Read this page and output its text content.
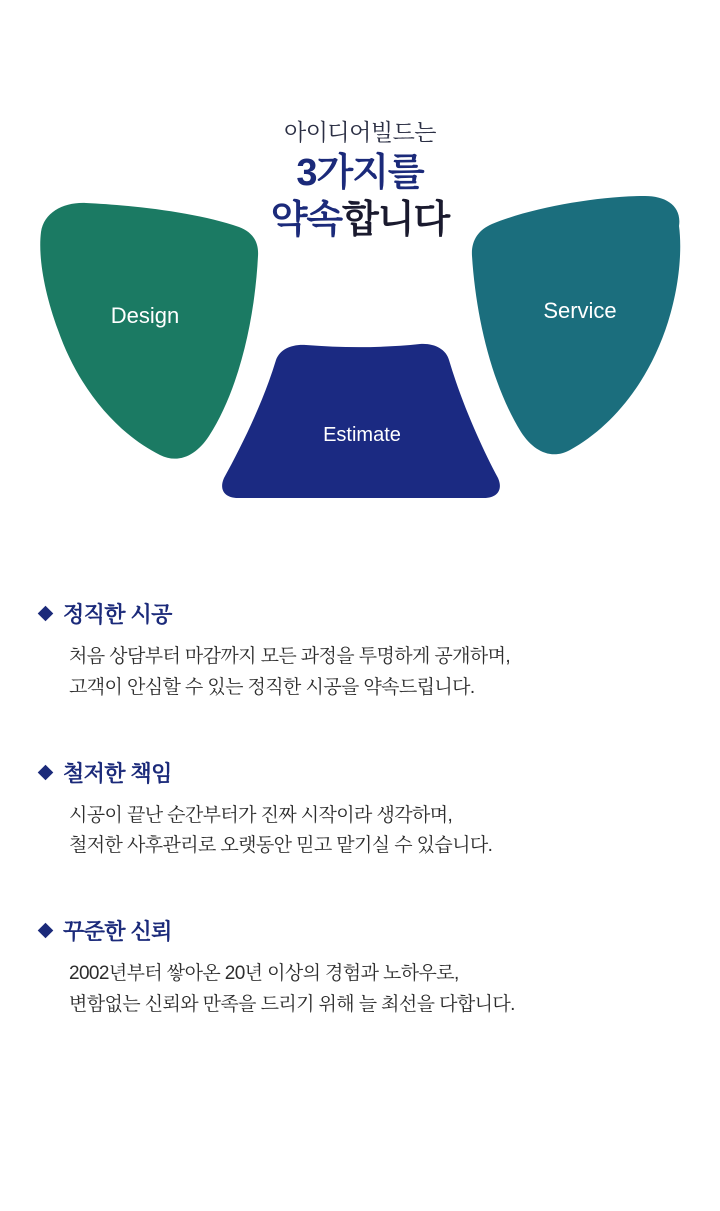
Design	Service
Estimate
아이디어빌드는
3가지를
약속합니다
정직한 시공
처음 상담부터 마감까지 모든 과정을 투명하게 공개하며,
고객이 안심할 수 있는 정직한 시공을 약속드립니다.
철저한 책임
시공이 끝난 순간부터가 진짜 시작이라 생각하며,
철저한 사후관리로 오랫동안 믿고 맡기실 수 있습니다.
꾸준한 신뢰
2002년부터 쌓아온 20년 이상의 경험과 노하우로,
변함없는 신뢰와 만족을 드리기 위해 늘 최선을 다합니다.
